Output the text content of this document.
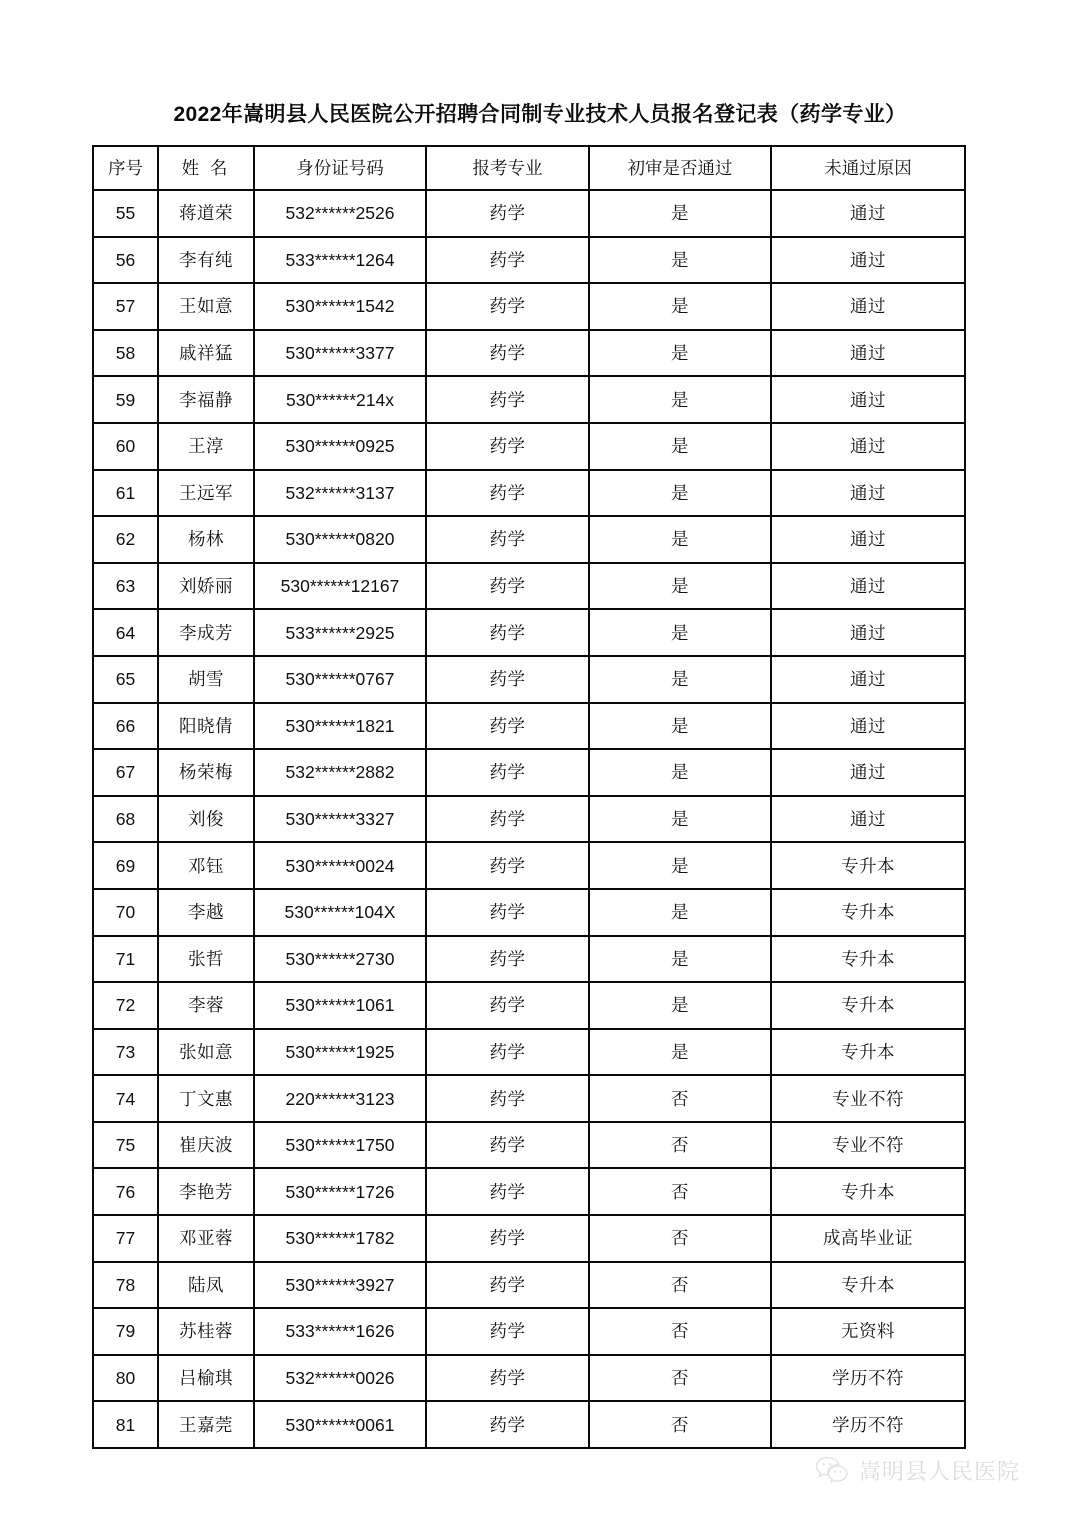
2022年嵩明县人民医院公开招聘合同制专业技术人员报名登记表（药学专业）
序号	姓 名	身份证号码	报考专业	初审是否通过	未通过原因
55	蒋道荣	532******2526	药学	是	通过
56	李有纯	533******1264	药学	是	通过
57	王如意	530******1542	药学	是	通过
58	戚祥猛	530******3377	药学	是	通过
59	李福静	530******214x	药学	是	通过
60	王淳	530******0925	药学	是	通过
61	王远军	532******3137	药学	是	通过
62	杨林	530******0820	药学	是	通过
63	刘娇丽	530******12167	药学	是	通过
64	李成芳	533******2925	药学	是	通过
65	胡雪	530******0767	药学	是	通过
66	阳晓倩	530******1821	药学	是	通过
67	杨荣梅	532******2882	药学	是	通过
68	刘俊	530******3327	药学	是	通过
69	邓钰	530******0024	药学	是	专升本
70	李越	530******104X	药学	是	专升本
71	张哲	530******2730	药学	是	专升本
72	李蓉	530******1061	药学	是	专升本
73	张如意	530******1925	药学	是	专升本
74	丁文惠	220******3123	药学	否	专业不符
75	崔庆波	530******1750	药学	否	专业不符
76	李艳芳	530******1726	药学	否	专升本
77	邓亚蓉	530******1782	药学	否	成高毕业证
78	陆凤	530******3927	药学	否	专升本
79	苏桂蓉	533******1626	药学	否	无资料
80	吕榆琪	532******0026	药学	否	学历不符
81	王嘉莞	530******0061	药学	否	学历不符
嵩明县人民医院
